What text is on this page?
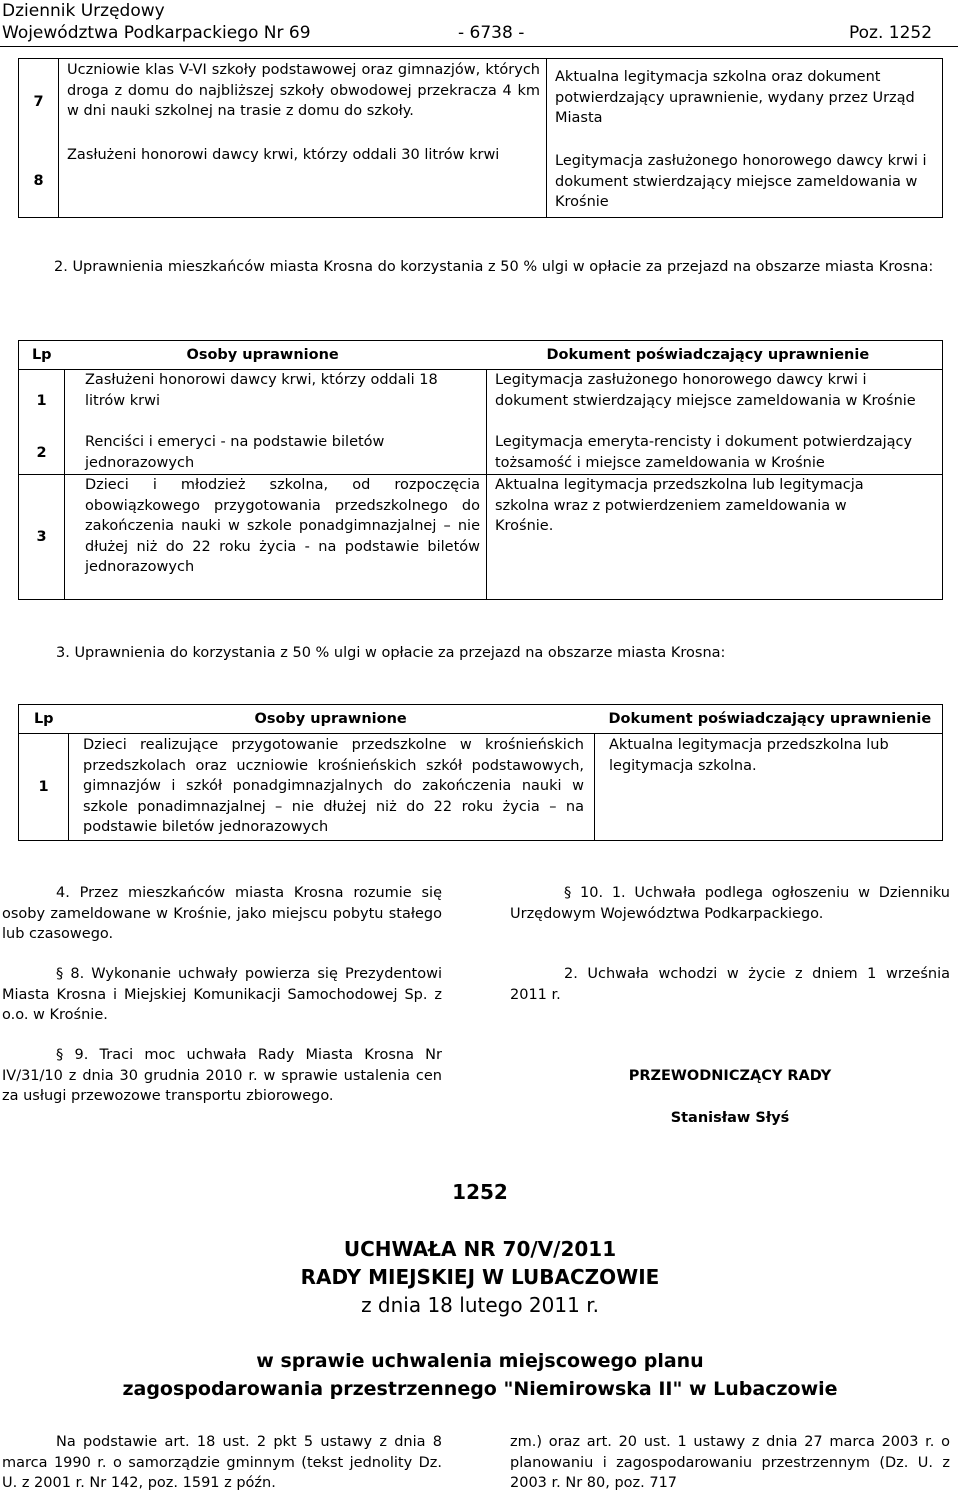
Dziennik Urzędowy
Województwa Podkarpackiego Nr 69	- 6738 -	Poz. 1252
7	Uczniowie klas V-VI szkoły podstawowej oraz gimnazjów, których droga z domu do najbliższej szkoły obwodowej przekracza 4 km w dni nauki szkolnej na trasie z domu do szkoły.	Aktualna legitymacja szkolna oraz dokument potwierdzający uprawnienie, wydany przez Urząd Miasta
8	Zasłużeni honorowi dawcy krwi, którzy oddali 30 litrów krwi	Legitymacja zasłużonego honorowego dawcy krwi i dokument stwierdzający miejsce zameldowania w Krośnie

2. Uprawnienia mieszkańców miasta Krosna do korzystania z 50 % ulgi w opłacie za przejazd na obszarze miasta Krosna:

Lp	Osoby uprawnione	Dokument poświadczający uprawnienie
1	Zasłużeni honorowi dawcy krwi, którzy oddali 18 litrów krwi	Legitymacja zasłużonego honorowego dawcy krwi i dokument stwierdzający miejsce zameldowania w Krośnie
2	Renciści i emeryci - na podstawie biletów jednorazowych	Legitymacja emeryta-rencisty i dokument potwierdzający tożsamość i miejsce zameldowania w Krośnie
3	Dzieci i młodzież szkolna, od rozpoczęcia obowiązkowego przygotowania przedszkolnego do zakończenia nauki w szkole ponadgimnazjalnej – nie dłużej niż do 22 roku życia - na podstawie biletów jednorazowych	Aktualna legitymacja przedszkolna lub legitymacja szkolna wraz z potwierdzeniem zameldowania w Krośnie.

3. Uprawnienia do korzystania z 50 % ulgi w opłacie za przejazd na obszarze miasta Krosna:

Lp	Osoby uprawnione	Dokument poświadczający uprawnienie
1	Dzieci realizujące przygotowanie przedszkolne w krośnieńskich przedszkolach oraz uczniowie krośnieńskich szkół podstawowych, gimnazjów i szkół ponadgimnazjalnych do zakończenia nauki w szkole ponadimnazjalnej – nie dłużej niż do 22 roku życia – na podstawie biletów jednorazowych	Aktualna legitymacja przedszkolna lub legitymacja szkolna.

4. Przez mieszkańców miasta Krosna rozumie się osoby zameldowane w Krośnie, jako miejscu pobytu stałego lub czasowego.

§ 8. Wykonanie uchwały powierza się Prezydentowi Miasta Krosna i Miejskiej Komunikacji Samochodowej Sp. z o.o. w Krośnie.

§ 9. Traci moc uchwała Rady Miasta Krosna Nr IV/31/10 z dnia 30 grudnia 2010 r. w sprawie ustalenia cen za usługi przewozowe transportu zbiorowego.

§ 10. 1. Uchwała podlega ogłoszeniu w Dzienniku Urzędowym Województwa Podkarpackiego.

2. Uchwała wchodzi w życie z dniem 1 września 2011 r.

PRZEWODNICZĄCY RADY

Stanisław Słyś

1252
UCHWAŁA NR 70/V/2011
RADY MIEJSKIEJ W LUBACZOWIE
z dnia 18 lutego 2011 r.
w sprawie uchwalenia miejscowego planu
zagospodarowania przestrzennego "Niemirowska II" w Lubaczowie

Na podstawie art. 18 ust. 2 pkt 5 ustawy z dnia 8 marca 1990 r. o samorządzie gminnym (tekst jednolity Dz. U. z 2001 r. Nr 142, poz. 1591 z późn.

zm.) oraz art. 20 ust. 1 ustawy z dnia 27 marca 2003 r. o planowaniu i zagospodarowaniu przestrzennym (Dz. U. z 2003 r. Nr 80, poz. 717
